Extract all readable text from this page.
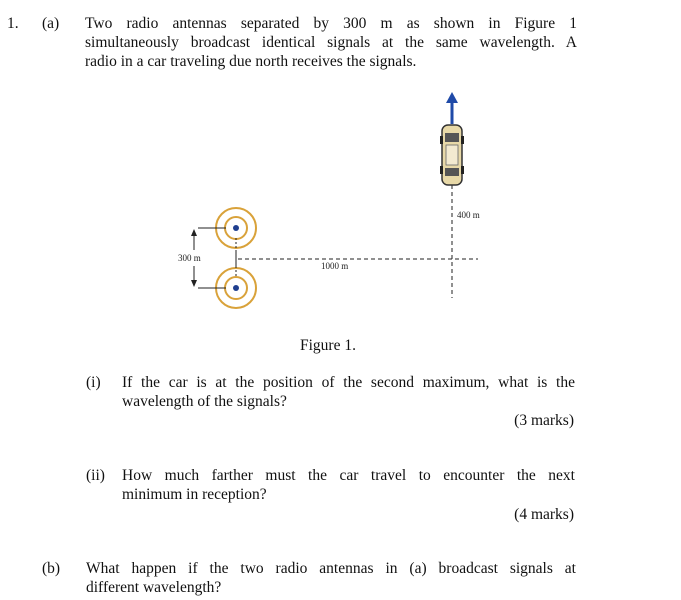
1. (a) Two radio antennas separated by 300 m as shown in Figure 1
simultaneously broadcast identical signals at the same wavelength. A
radio in a car traveling due north receives the signals.
300 m
1000 m
400 m
Figure 1.
(i) If the car is at the position of the second maximum, what is the
wavelength of the signals?
(3 marks)
(ii) How much farther must the car travel to encounter the next
minimum in reception?
(4 marks)
(b) What happen if the two radio antennas in (a) broadcast signals at
different wavelength?
